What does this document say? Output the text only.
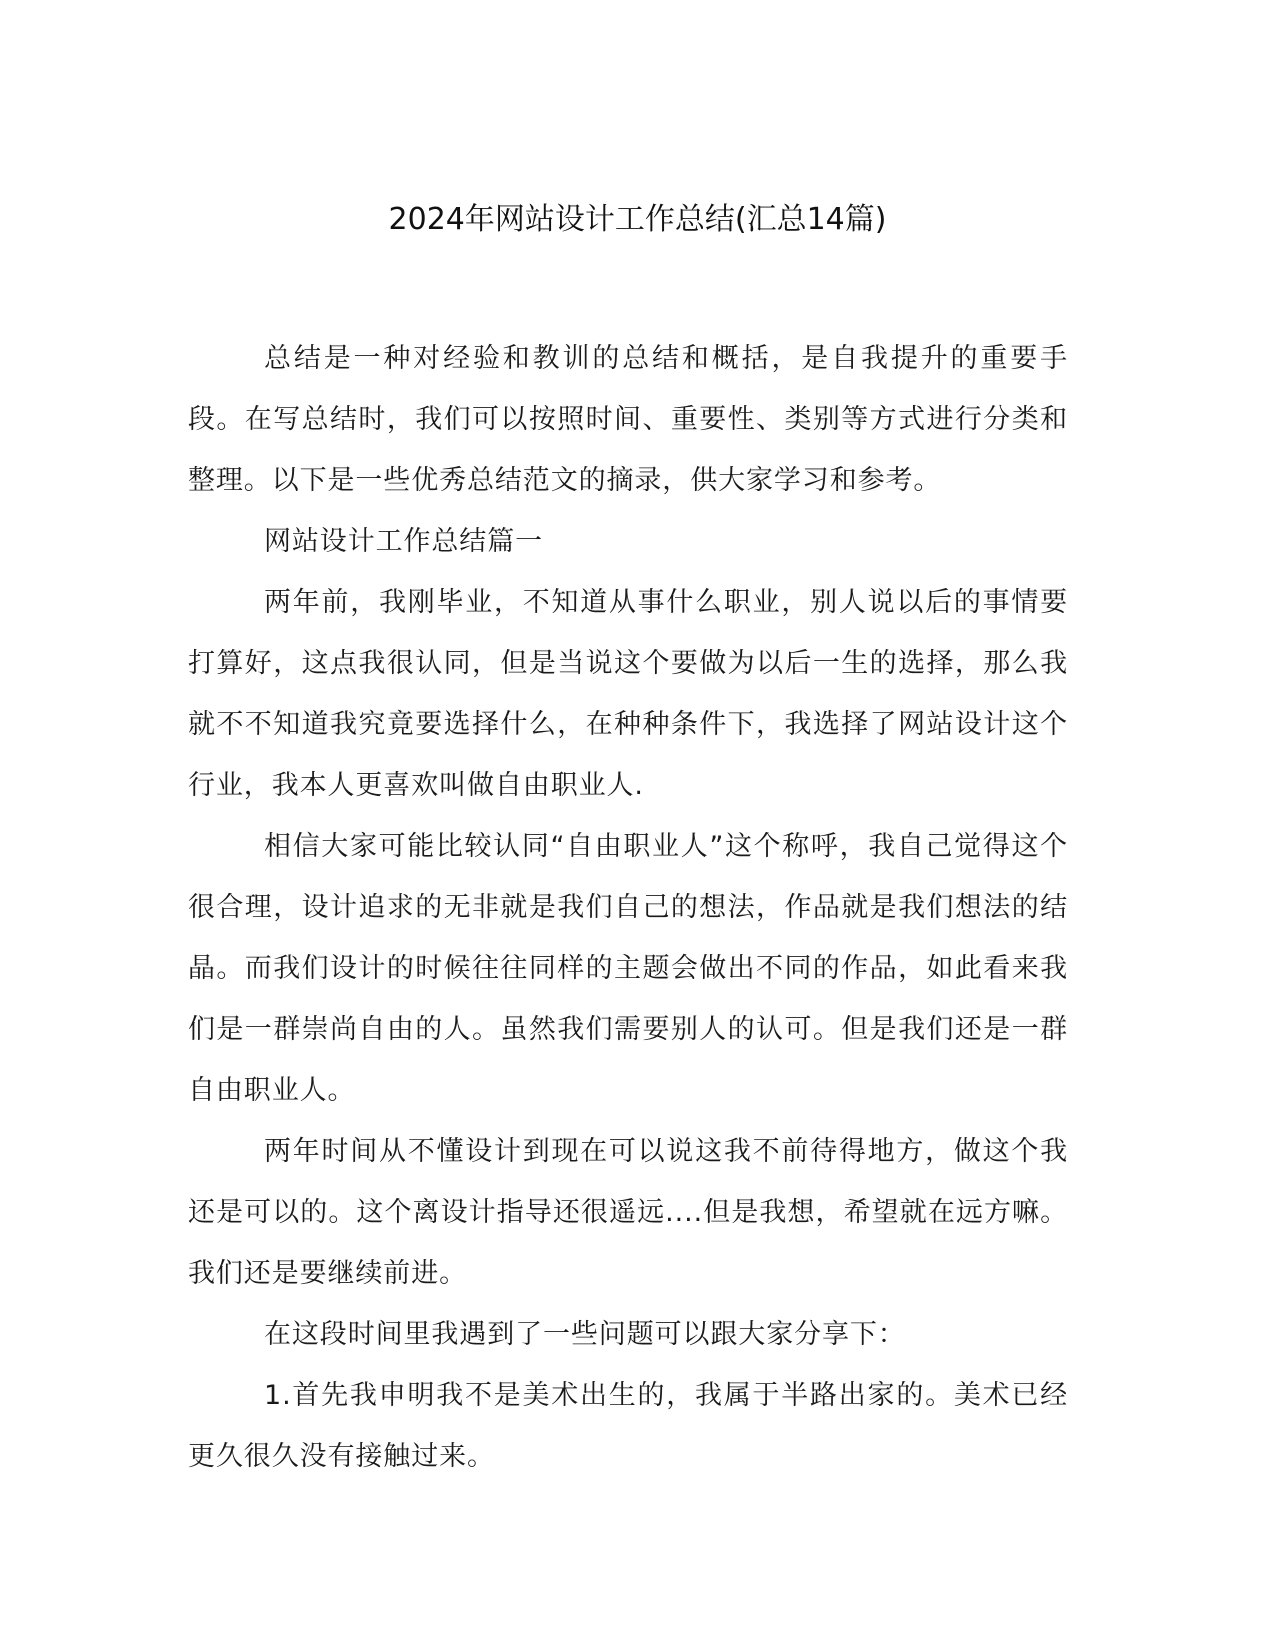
2024年网站设计工作总结(汇总14篇)

总结是一种对经验和教训的总结和概括，是自我提升的重要手段。在写总结时，我们可以按照时间、重要性、类别等方式进行分类和整理。以下是一些优秀总结范文的摘录，供大家学习和参考。

网站设计工作总结篇一

两年前，我刚毕业，不知道从事什么职业，别人说以后的事情要打算好，这点我很认同，但是当说这个要做为以后一生的选择，那么我就不不知道我究竟要选择什么，在种种条件下，我选择了网站设计这个行业，我本人更喜欢叫做自由职业人.

相信大家可能比较认同“自由职业人”这个称呼，我自己觉得这个很合理，设计追求的无非就是我们自己的想法，作品就是我们想法的结晶。而我们设计的时候往往同样的主题会做出不同的作品，如此看来我们是一群崇尚自由的人。虽然我们需要别人的认可。但是我们还是一群自由职业人。

两年时间从不懂设计到现在可以说这我不前待得地方，做这个我还是可以的。这个离设计指导还很遥远....但是我想，希望就在远方嘛。我们还是要继续前进。

在这段时间里我遇到了一些问题可以跟大家分享下：

1.首先我申明我不是美术出生的，我属于半路出家的。美术已经更久很久没有接触过来。
